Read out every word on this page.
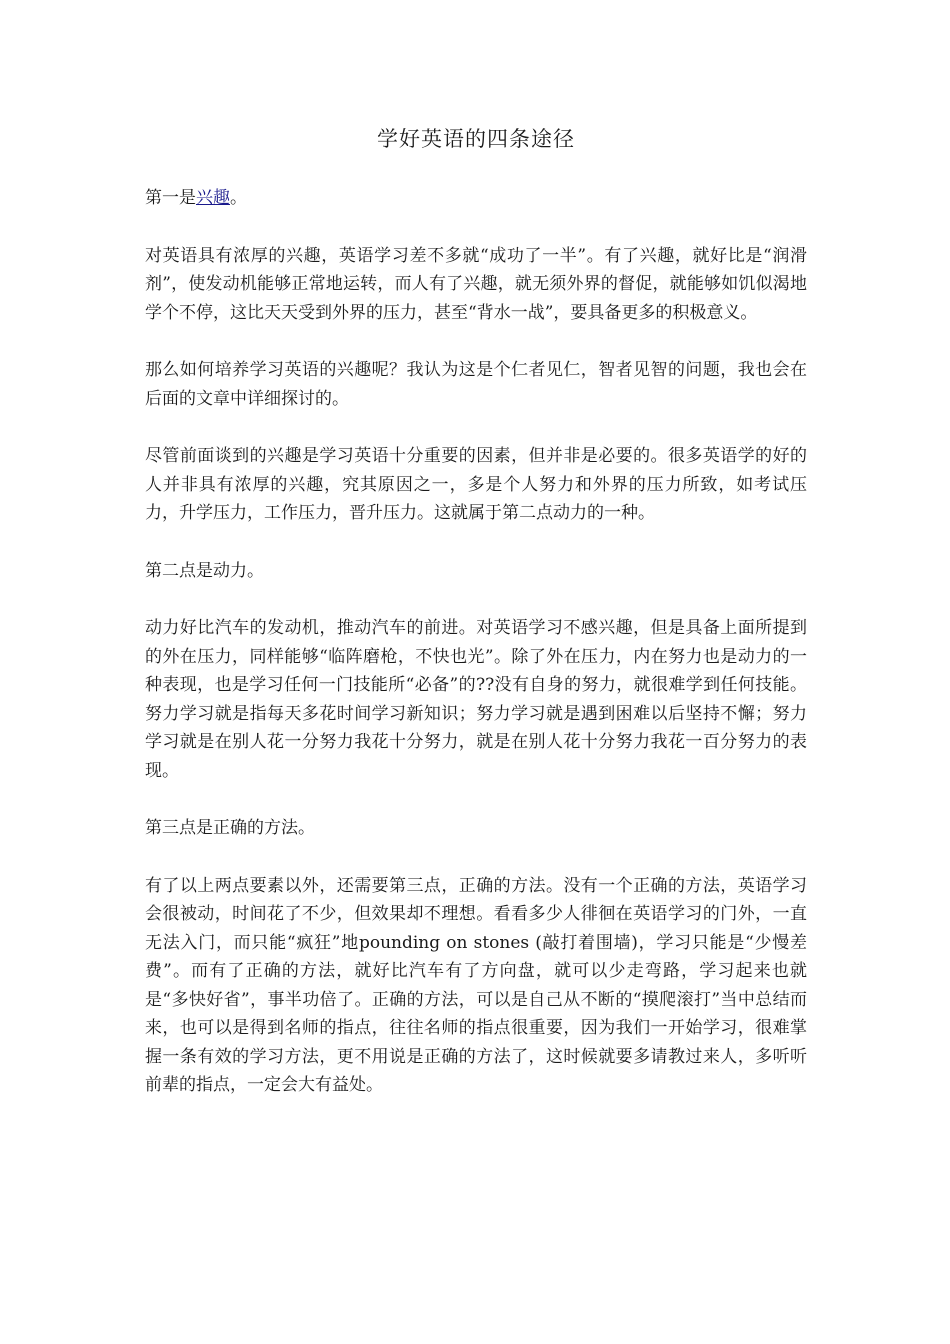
学好英语的四条途径

第一是兴趣。

对英语具有浓厚的兴趣，英语学习差不多就“成功了一半”。有了兴趣，就好比是“润滑剂”，使发动机能够正常地运转，而人有了兴趣，就无须外界的督促，就能够如饥似渴地学个不停，这比天天受到外界的压力，甚至“背水一战”，要具备更多的积极意义。

那么如何培养学习英语的兴趣呢？我认为这是个仁者见仁，智者见智的问题，我也会在后面的文章中详细探讨的。

尽管前面谈到的兴趣是学习英语十分重要的因素，但并非是必要的。很多英语学的好的人并非具有浓厚的兴趣，究其原因之一，多是个人努力和外界的压力所致，如考试压力，升学压力，工作压力，晋升压力。这就属于第二点动力的一种。

第二点是动力。

动力好比汽车的发动机，推动汽车的前进。对英语学习不感兴趣，但是具备上面所提到的外在压力，同样能够“临阵磨枪，不快也光”。除了外在压力，内在努力也是动力的一种表现，也是学习任何一门技能所“必备”的??没有自身的努力，就很难学到任何技能。努力学习就是指每天多花时间学习新知识；努力学习就是遇到困难以后坚持不懈；努力学习就是在别人花一分努力我花十分努力，就是在别人花十分努力我花一百分努力的表现。

第三点是正确的方法。

有了以上两点要素以外，还需要第三点，正确的方法。没有一个正确的方法，英语学习会很被动，时间花了不少，但效果却不理想。看看多少人徘徊在英语学习的门外，一直无法入门，而只能“疯狂”地pounding on stones (敲打着围墙)，学习只能是“少慢差费”。而有了正确的方法，就好比汽车有了方向盘，就可以少走弯路，学习起来也就是“多快好省”，事半功倍了。正确的方法，可以是自己从不断的“摸爬滚打”当中总结而来，也可以是得到名师的指点，往往名师的指点很重要，因为我们一开始学习，很难掌握一条有效的学习方法，更不用说是正确的方法了，这时候就要多请教过来人，多听听前辈的指点，一定会大有益处。
